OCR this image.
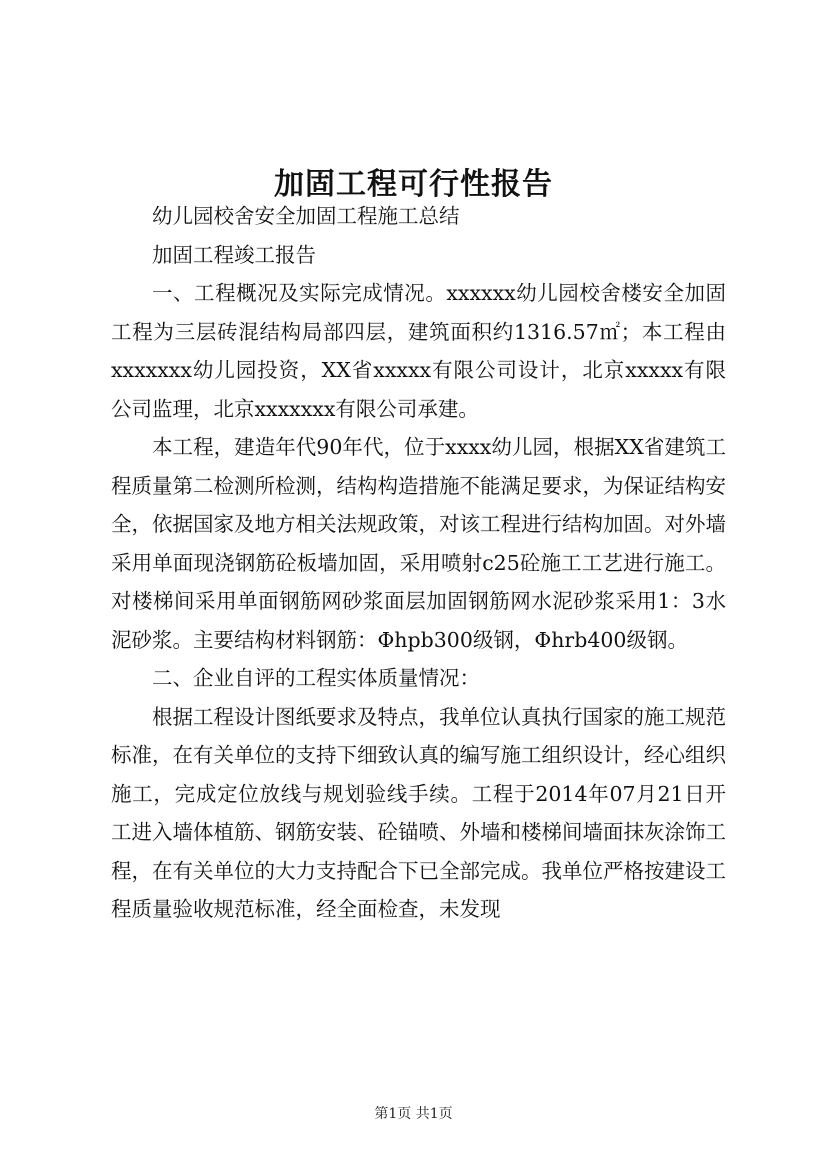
加固工程可行性报告

幼儿园校舍安全加固工程施工总结

加固工程竣工报告

一、工程概况及实际完成情况。xxxxxx幼儿园校舍楼安全加固工程为三层砖混结构局部四层，建筑面积约1316.57㎡；本工程由xxxxxxx幼儿园投资，XX省xxxxx有限公司设计，北京xxxxx有限公司监理，北京xxxxxxx有限公司承建。

本工程，建造年代90年代，位于xxxx幼儿园，根据XX省建筑工程质量第二检测所检测，结构构造措施不能满足要求，为保证结构安全，依据国家及地方相关法规政策，对该工程进行结构加固。对外墙采用单面现浇钢筋砼板墙加固，采用喷射c25砼施工工艺进行施工。对楼梯间采用单面钢筋网砂浆面层加固钢筋网水泥砂浆采用1：3水泥砂浆。主要结构材料钢筋：Φhpb300级钢，Φhrb400级钢。

二、企业自评的工程实体质量情况：

根据工程设计图纸要求及特点，我单位认真执行国家的施工规范标准，在有关单位的支持下细致认真的编写施工组织设计，经心组织施工，完成定位放线与规划验线手续。工程于2014年07月21日开工进入墙体植筋、钢筋安装、砼锚喷、外墙和楼梯间墙面抹灰涂饰工程，在有关单位的大力支持配合下已全部完成。我单位严格按建设工程质量验收规范标准，经全面检查，未发现

第1页 共1页
